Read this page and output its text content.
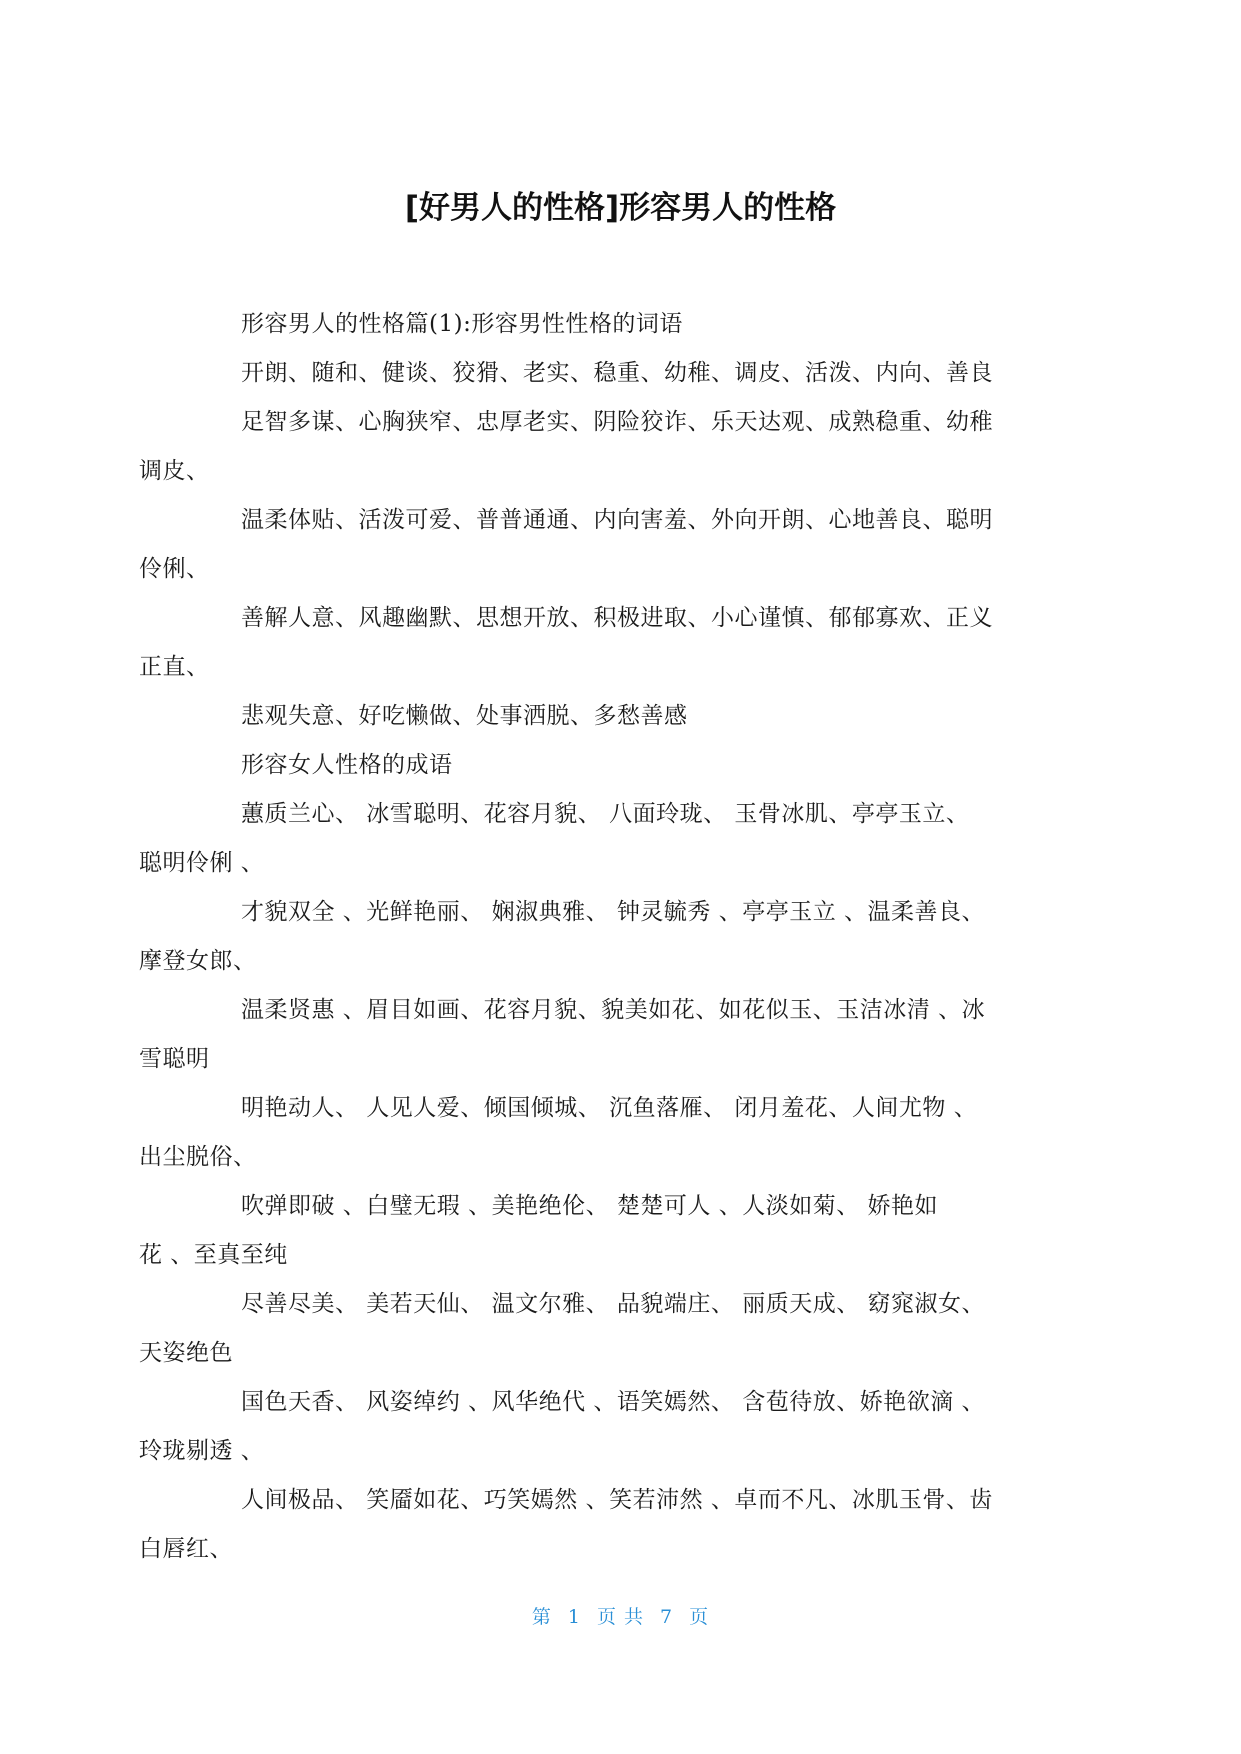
[好男人的性格]形容男人的性格

形容男人的性格篇(1):形容男性性格的词语

开朗、随和、健谈、狡猾、老实、稳重、幼稚、调皮、活泼、内向、善良

足智多谋、心胸狭窄、忠厚老实、阴险狡诈、乐天达观、成熟稳重、幼稚
调皮、

温柔体贴、活泼可爱、普普通通、内向害羞、外向开朗、心地善良、聪明
伶俐、

善解人意、风趣幽默、思想开放、积极进取、小心谨慎、郁郁寡欢、正义
正直、

悲观失意、好吃懒做、处事洒脱、多愁善感

形容女人性格的成语

蕙质兰心、 冰雪聪明、花容月貌、 八面玲珑、 玉骨冰肌、亭亭玉立、
聪明伶俐 、

才貌双全 、光鲜艳丽、 娴淑典雅、 钟灵毓秀 、亭亭玉立 、温柔善良、
摩登女郎、

温柔贤惠 、眉目如画、花容月貌、貌美如花、如花似玉、玉洁冰清 、冰
雪聪明

明艳动人、 人见人爱、倾国倾城、 沉鱼落雁、 闭月羞花、人间尤物 、
出尘脱俗、

吹弹即破 、白璧无瑕 、美艳绝伦、 楚楚可人 、人淡如菊、 娇艳如
花 、至真至纯

尽善尽美、 美若天仙、 温文尔雅、 品貌端庄、 丽质天成、 窈窕淑女、
天姿绝色

国色天香、 风姿绰约 、风华绝代 、语笑嫣然、 含苞待放、娇艳欲滴 、
玲珑剔透 、

人间极品、 笑靥如花、巧笑嫣然 、笑若沛然 、卓而不凡、冰肌玉骨、齿
白唇红、

第 1 页 共 7 页
